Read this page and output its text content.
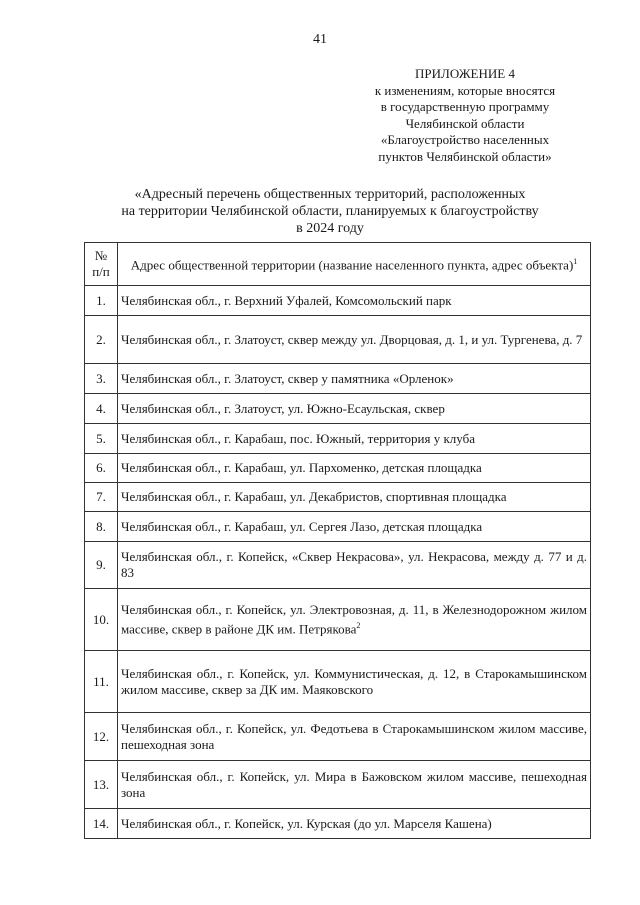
41
ПРИЛОЖЕНИЕ 4
к изменениям, которые вносятся
в государственную программу
Челябинской области
«Благоустройство населенных
пунктов Челябинской области»
«Адресный перечень общественных территорий, расположенных
на территории Челябинской области, планируемых к благоустройству
в 2024 году
№ п/п	Адрес общественной территории (название населенного пункта, адрес объекта)$^1$
1.	Челябинская обл., г. Верхний Уфалей, Комсомольский парк
2.	Челябинская обл., г. Златоуст, сквер между ул. Дворцовая, д. 1, и ул. Тургенева, д. 7
3.	Челябинская обл., г. Златоуст, сквер у памятника «Орленок»
4.	Челябинская обл., г. Златоуст, ул. Южно-Есаульская, сквер
5.	Челябинская обл., г. Карабаш, пос. Южный, территория у клуба
6.	Челябинская обл., г. Карабаш, ул. Пархоменко, детская площадка
7.	Челябинская обл., г. Карабаш, ул. Декабристов, спортивная площадка
8.	Челябинская обл., г. Карабаш, ул. Сергея Лазо, детская площадка
9.	Челябинская обл., г. Копейск, «Сквер Некрасова», ул. Некрасова, между д. 77 и д. 83
10.	Челябинская обл., г. Копейск, ул. Электровозная, д. 11, в Железнодорожном жилом массиве, сквер в районе ДК им. Петрякова$^2$
11.	Челябинская обл., г. Копейск, ул. Коммунистическая, д. 12, в Старокамышинском жилом массиве, сквер за ДК им. Маяковского
12.	Челябинская обл., г. Копейск, ул. Федотьева в Старокамышинском жилом массиве, пешеходная зона
13.	Челябинская обл., г. Копейск, ул. Мира в Бажовском жилом массиве, пешеходная зона
14.	Челябинская обл., г. Копейск, ул. Курская (до ул. Марселя Кашена)
